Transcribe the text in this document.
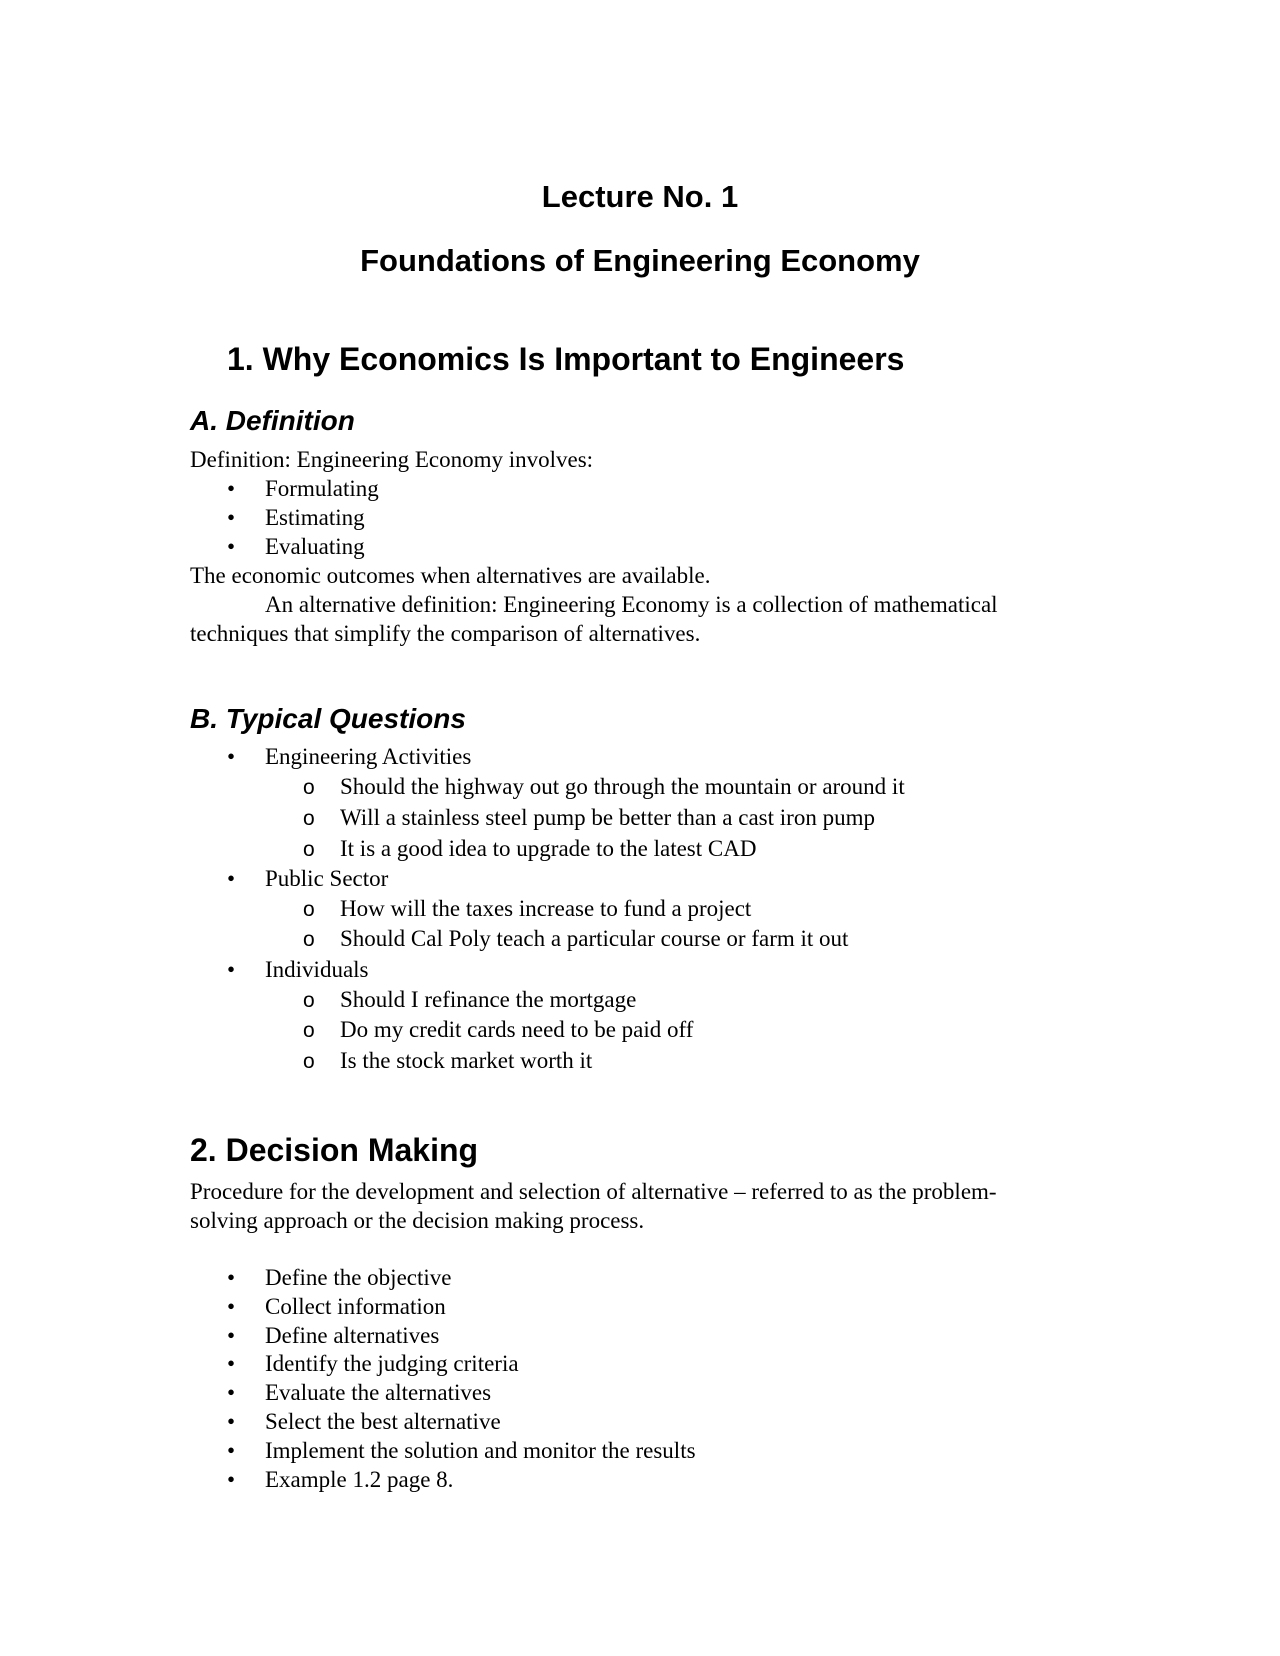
Lecture No. 1
Foundations of Engineering Economy
1. Why Economics Is Important to Engineers
A. Definition
Definition: Engineering Economy involves:
• Formulating
• Estimating
• Evaluating
The economic outcomes when alternatives are available.
An alternative definition: Engineering Economy is a collection of mathematical
techniques that simplify the comparison of alternatives.
B. Typical Questions
• Engineering Activities
o Should the highway out go through the mountain or around it
o Will a stainless steel pump be better than a cast iron pump
o It is a good idea to upgrade to the latest CAD
• Public Sector
o How will the taxes increase to fund a project
o Should Cal Poly teach a particular course or farm it out
• Individuals
o Should I refinance the mortgage
o Do my credit cards need to be paid off
o Is the stock market worth it
2. Decision Making
Procedure for the development and selection of alternative – referred to as the problem-
solving approach or the decision making process.
• Define the objective
• Collect information
• Define alternatives
• Identify the judging criteria
• Evaluate the alternatives
• Select the best alternative
• Implement the solution and monitor the results
• Example 1.2 page 8.
